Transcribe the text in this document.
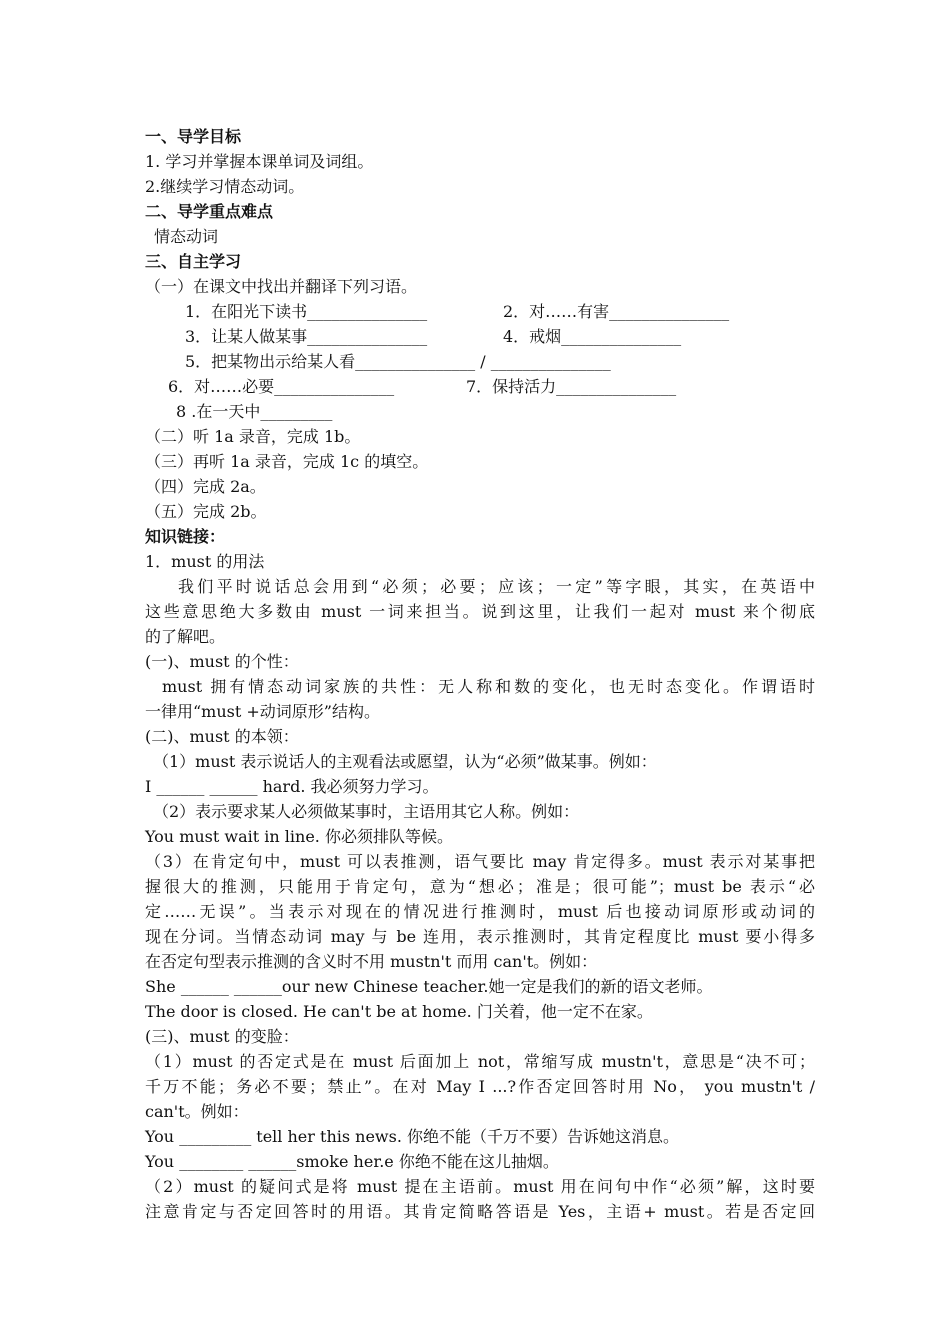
一、导学目标
1. 学习并掌握本课单词及词组。
2.继续学习情态动词。
二、导学重点难点
情态动词
三、自主学习
（一）在课文中找出并翻译下列习语。
1．在阳光下读书_______________	2．对……有害_______________
3．让某人做某事_______________	4．戒烟_______________
5．把某物出示给某人看_______________ / _______________
6．对……必要_______________	7．保持活力_______________
8 .在一天中_________
（二）听 1a 录音，完成 1b。
（三）再听 1a 录音，完成 1c 的填空。
（四）完成 2a。
（五）完成 2b。
知识链接：
1．must 的用法
我们平时说话总会用到“必须；必要；应该；一定”等字眼，其实，在英语中
这些意思绝大多数由 must 一词来担当。说到这里，让我们一起对 must 来个彻底
的了解吧。
(一)、must 的个性：
must 拥有情态动词家族的共性：无人称和数的变化，也无时态变化。作谓语时
一律用“must +动词原形”结构。
(二)、must 的本领：
（1）must 表示说话人的主观看法或愿望，认为“必须”做某事。例如：
I ______ ______ hard. 我必须努力学习。
（2）表示要求某人必须做某事时，主语用其它人称。例如：
You must wait in line. 你必须排队等候。
（3）在肯定句中，must 可以表推测，语气要比 may 肯定得多。must 表示对某事把
握很大的推测，只能用于肯定句，意为“想必；准是；很可能”；must be 表示“必
定……无误”。当表示对现在的情况进行推测时，must 后也接动词原形或动词的
现在分词。当情态动词 may 与 be 连用，表示推测时，其肯定程度比 must 要小得多
在否定句型表示推测的含义时不用 mustn't 而用 can't。例如：
She ______ ______our new Chinese teacher.她一定是我们的新的语文老师。
The door is closed. He can't be at home. 门关着，他一定不在家。
(三)、must 的变脸：
（1）must 的否定式是在 must 后面加上 not，常缩写成 mustn't，意思是“决不可；
千万不能；务必不要；禁止”。在对 May I ...?作否定回答时用 No， you mustn't /
can't。例如：
You _________ tell her this news. 你绝不能（千万不要）告诉她这消息。
You ________ ______smoke her.e 你绝不能在这儿抽烟。
（2）must 的疑问式是将 must 提在主语前。must 用在问句中作“必须”解，这时要
注意肯定与否定回答时的用语。其肯定简略答语是 Yes，主语+ must。若是否定回
